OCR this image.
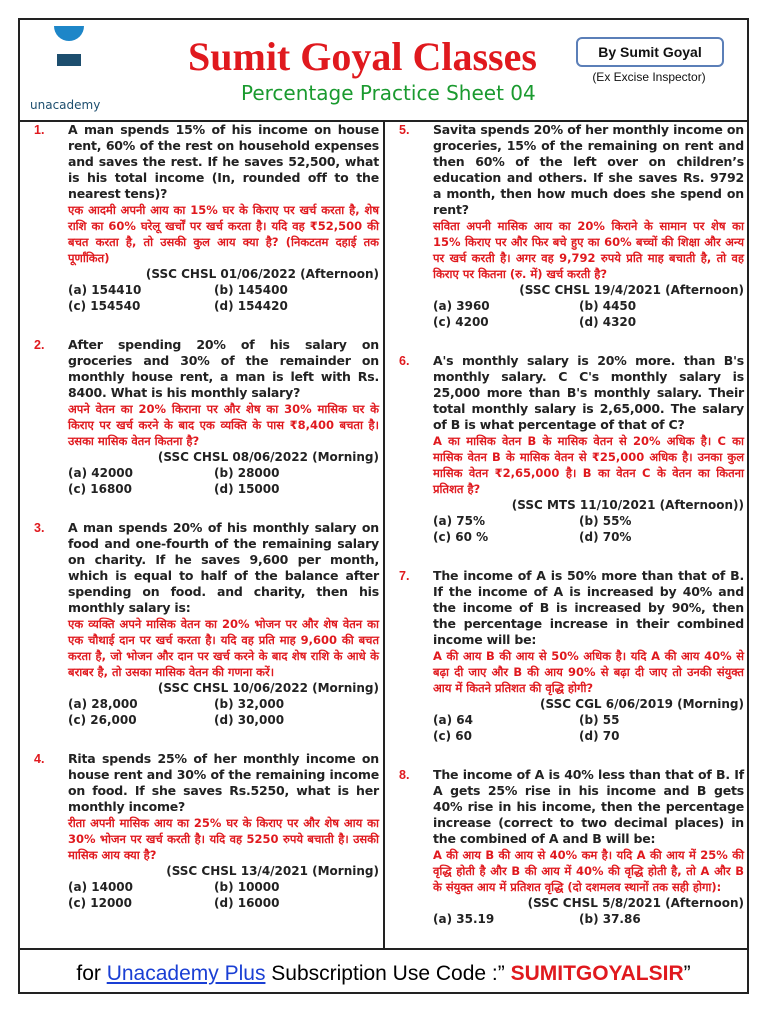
unacademy
Sumit Goyal Classes
Percentage Practice Sheet 04
By Sumit Goyal
(Ex Excise Inspector)
1. A man spends 15% of his income on house rent, 60% of the rest on household expenses and saves the rest. If he saves 52,500, what is his total income (In, rounded off to the nearest tens)?
एक आदमी अपनी आय का 15% घर के किराए पर खर्च करता है, शेष राशि का 60% घरेलू खर्चों पर खर्च करता है। यदि वह ₹52,500 की बचत करता है, तो उसकी कुल आय क्या है? (निकटतम दहाई तक पूर्णांकित)
(SSC CHSL 01/06/2022 (Afternoon)
(a) 154410	(b) 145400
(c) 154540	(d) 154420
2. After spending 20% of his salary on groceries and 30% of the remainder on monthly house rent, a man is left with Rs. 8400. What is his monthly salary?
अपने वेतन का 20% किराना पर और शेष का 30% मासिक घर के किराए पर खर्च करने के बाद एक व्यक्ति के पास ₹8,400 बचता है। उसका मासिक वेतन कितना है?
(SSC CHSL 08/06/2022 (Morning)
(a) 42000	(b) 28000
(c) 16800	(d) 15000
3. A man spends 20% of his monthly salary on food and one-fourth of the remaining salary on charity. If he saves 9,600 per month, which is equal to half of the balance after spending on food. and charity, then his monthly salary is:
एक व्यक्ति अपने मासिक वेतन का 20% भोजन पर और शेष वेतन का एक चौथाई दान पर खर्च करता है। यदि वह प्रति माह 9,600 की बचत करता है, जो भोजन और दान पर खर्च करने के बाद शेष राशि के आधे के बराबर है, तो उसका मासिक वेतन की गणना करें।
(SSC CHSL 10/06/2022 (Morning)
(a) 28,000	(b) 32,000
(c) 26,000	(d) 30,000
4. Rita spends 25% of her monthly income on house rent and 30% of the remaining income on food. If she saves Rs.5250, what is her monthly income?
रीता अपनी मासिक आय का 25% घर के किराए पर और शेष आय का 30% भोजन पर खर्च करती है। यदि वह 5250 रुपये बचाती है। उसकी मासिक आय क्या है?
(SSC CHSL 13/4/2021 (Morning)
(a) 14000	(b) 10000
(c) 12000	(d) 16000
5. Savita spends 20% of her monthly income on groceries, 15% of the remaining on rent and then 60% of the left over on children’s education and others. If she saves Rs. 9792 a month, then how much does she spend on rent?
सविता अपनी मासिक आय का 20% किराने के सामान पर शेष का 15% किराए पर और फिर बचे हुए का 60% बच्चों की शिक्षा और अन्य पर खर्च करती है। अगर वह 9,792 रुपये प्रति माह बचाती है, तो वह किराए पर कितना (रु. में) खर्च करती है?
(SSC CHSL 19/4/2021 (Afternoon)
(a) 3960	(b) 4450
(c) 4200	(d) 4320
6. A's monthly salary is 20% more. than B's monthly salary. C C's monthly salary is 25,000 more than B's monthly salary. Their total monthly salary is 2,65,000. The salary of B is what percentage of that of C?
A का मासिक वेतन B के मासिक वेतन से 20% अधिक है। C का मासिक वेतन B के मासिक वेतन से ₹25,000 अधिक है। उनका कुल मासिक वेतन ₹2,65,000 है। B का वेतन C के वेतन का कितना प्रतिशत है?
(SSC MTS 11/10/2021 (Afternoon))
(a) 75%	(b) 55%
(c) 60 %	(d) 70%
7. The income of A is 50% more than that of B. If the income of A is increased by 40% and the income of B is increased by 90%, then the percentage increase in their combined income will be:
A की आय B की आय से 50% अधिक है। यदि A की आय 40% से बढ़ा दी जाए और B की आय 90% से बढ़ा दी जाए तो उनकी संयुक्त आय में कितने प्रतिशत की वृद्धि होगी?
(SSC CGL 6/06/2019 (Morning)
(a) 64	(b) 55
(c) 60	(d) 70
8. The income of A is 40% less than that of B. If A gets 25% rise in his income and B gets 40% rise in his income, then the percentage increase (correct to two decimal places) in the combined of A and B will be:
A की आय B की आय से 40% कम है। यदि A की आय में 25% की वृद्धि होती है और B की आय में 40% की वृद्धि होती है, तो A और B के संयुक्त आय में प्रतिशत वृद्धि (दो दशमलव स्थानों तक सही होगा):
(SSC CHSL 5/8/2021 (Afternoon)
(a) 35.19	(b) 37.86
for Unacademy Plus Subscription Use Code :” SUMITGOYALSIR”
